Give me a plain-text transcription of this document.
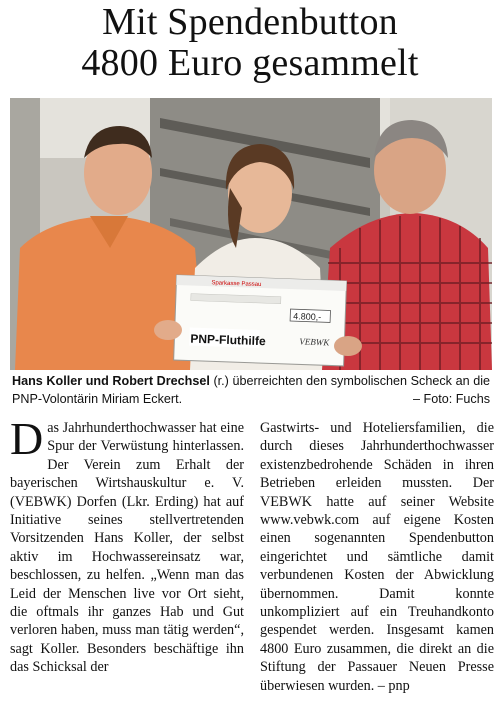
Mit Spendenbutton
4800 Euro gesammelt
Sparkasse Passau
4.800,-
PNP-Fluthilfe	VEBWK
Hans Koller und Robert Drechsel (r.) überreichten den symbolischen Scheck an die PNP-Volontärin Miriam Eckert.	– Foto: Fuchs

Das Jahrhunderthochwasser hat eine Spur der Verwüstung hinterlassen. Der Verein zum Erhalt der bayerischen Wirtshauskultur e. V. (VEBWK) Dorfen (Lkr. Erding) hat auf Initiative seines stellvertretenden Vorsitzenden Hans Koller, der selbst aktiv im Hochwassereinsatz war, beschlossen, zu helfen. „Wenn man das Leid der Menschen live vor Ort sieht, die oftmals ihr ganzes Hab und Gut verloren haben, muss man tätig werden“, sagt Koller. Besonders beschäftige ihn das Schicksal der

Gastwirts- und Hoteliersfamilien, die durch dieses Jahrhunderthochwasser existenzbedrohende Schäden in ihren Betrieben erleiden mussten. Der VEBWK hatte auf seiner Website www.vebwk.com auf eigene Kosten einen sogenannten Spendenbutton eingerichtet und sämtliche damit verbundenen Kosten der Abwicklung übernommen. Damit konnte unkompliziert auf ein Treuhandkonto gespendet werden. Insgesamt kamen 4800 Euro zusammen, die direkt an die Stiftung der Passauer Neuen Presse überwiesen wurden. – pnp
